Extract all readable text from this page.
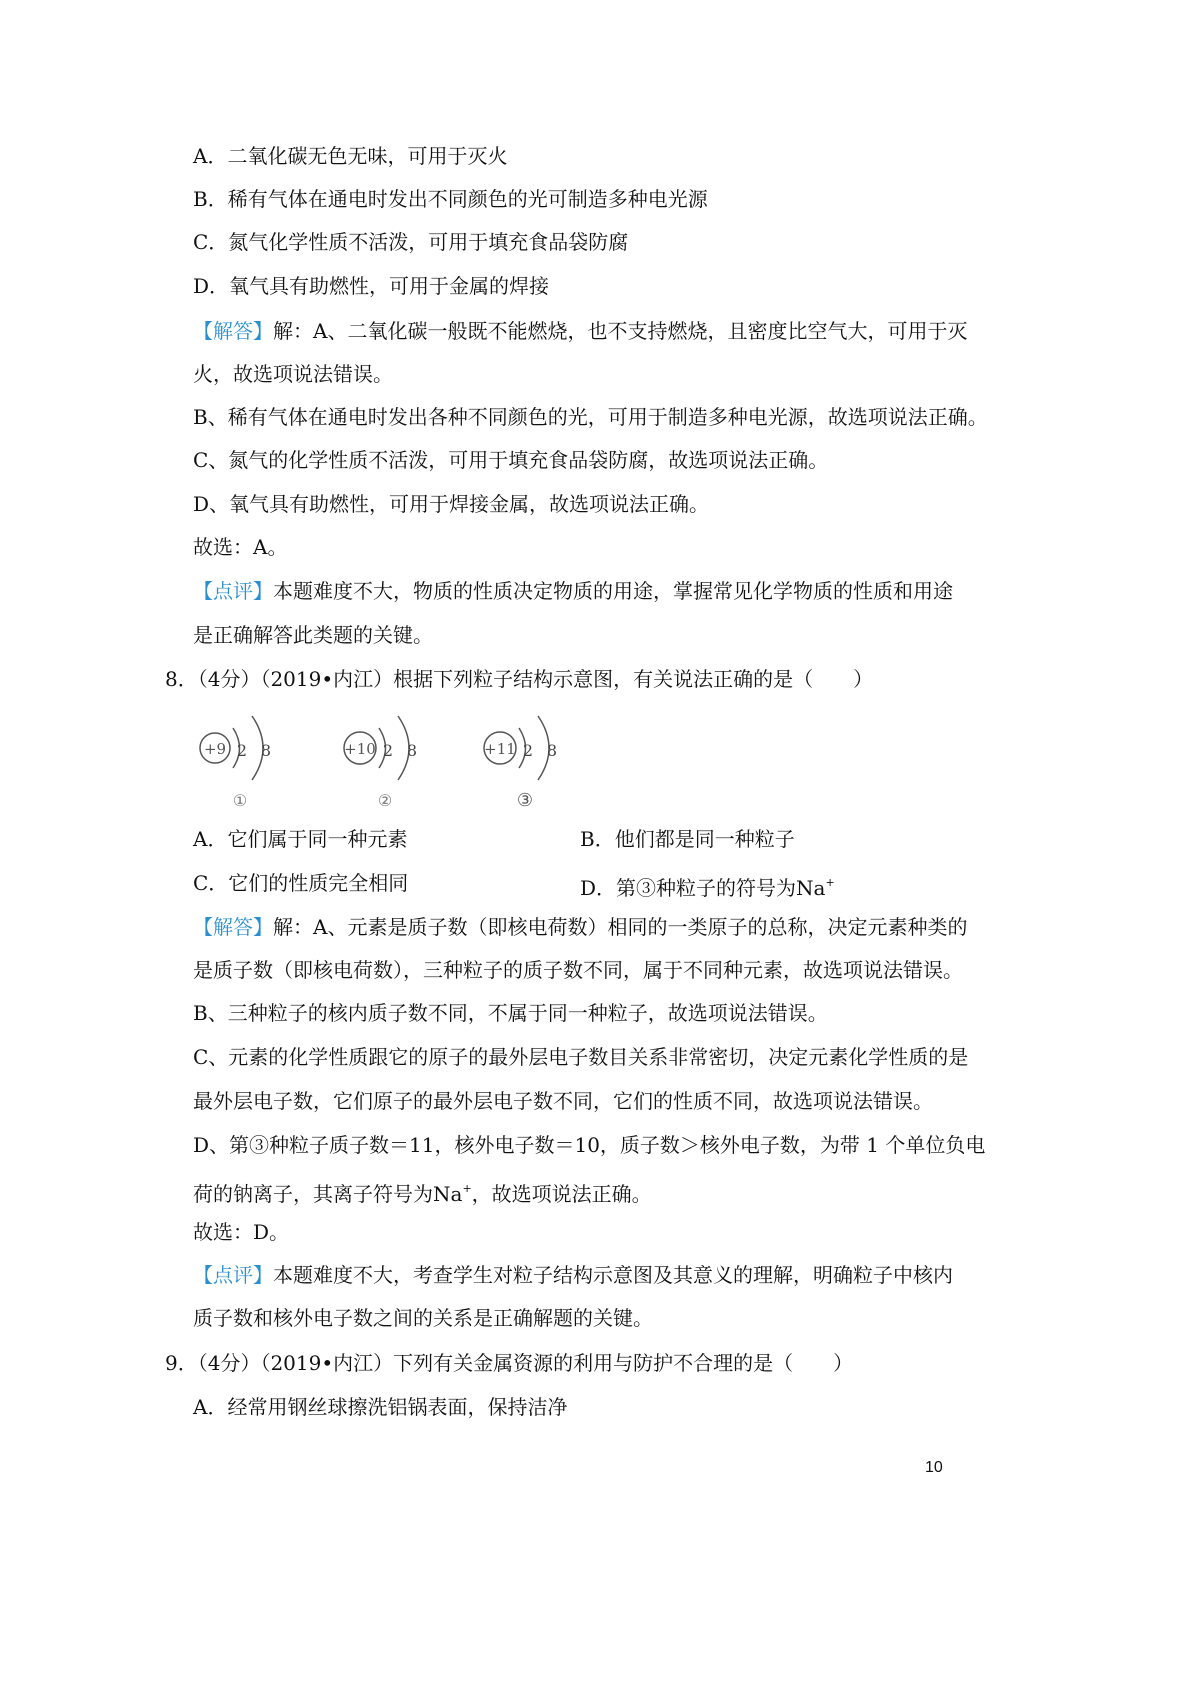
A．二氧化碳无色无味，可用于灭火
B．稀有气体在通电时发出不同颜色的光可制造多种电光源
C．氮气化学性质不活泼，可用于填充食品袋防腐
D．氧气具有助燃性，可用于金属的焊接
【解答】解：A、二氧化碳一般既不能燃烧，也不支持燃烧，且密度比空气大，可用于灭
火，故选项说法错误。
B、稀有气体在通电时发出各种不同颜色的光，可用于制造多种电光源，故选项说法正确。
C、氮气的化学性质不活泼，可用于填充食品袋防腐，故选项说法正确。
D、氧气具有助燃性，可用于焊接金属，故选项说法正确。
故选：A。
【点评】本题难度不大，物质的性质决定物质的用途，掌握常见化学物质的性质和用途
是正确解答此类题的关键。
8．（4分）（2019•内江）根据下列粒子结构示意图，有关说法正确的是（　　）
+9 2 8
①
+10 2 8
②
+11 2 8
③
A．它们属于同一种元素	B．他们都是同一种粒子
C．它们的性质完全相同	D．第③种粒子的符号为Na+
【解答】解：A、元素是质子数（即核电荷数）相同的一类原子的总称，决定元素种类的
是质子数（即核电荷数），三种粒子的质子数不同，属于不同种元素，故选项说法错误。
B、三种粒子的核内质子数不同，不属于同一种粒子，故选项说法错误。
C、元素的化学性质跟它的原子的最外层电子数目关系非常密切，决定元素化学性质的是
最外层电子数，它们原子的最外层电子数不同，它们的性质不同，故选项说法错误。
D、第③种粒子质子数＝11，核外电子数＝10，质子数＞核外电子数，为带 1 个单位负电
荷的钠离子，其离子符号为Na+，故选项说法正确。
故选：D。
【点评】本题难度不大，考查学生对粒子结构示意图及其意义的理解，明确粒子中核内
质子数和核外电子数之间的关系是正确解题的关键。
9．（4分）（2019•内江）下列有关金属资源的利用与防护不合理的是（　　）
A．经常用钢丝球擦洗铝锅表面，保持洁净
10
